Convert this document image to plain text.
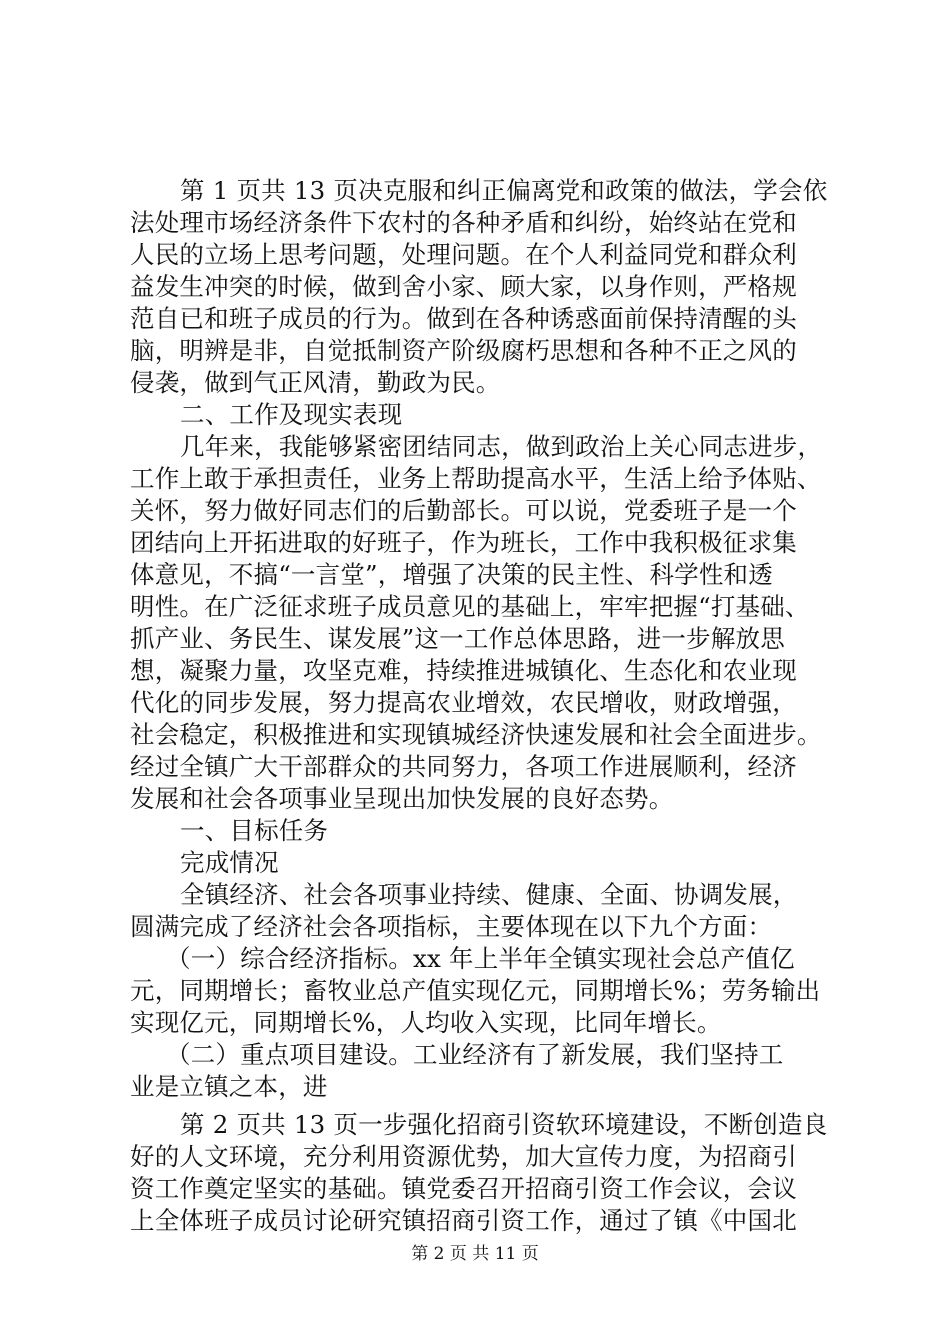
第 1 页共 13 页决克服和纠正偏离党和政策的做法，学会依
法处理市场经济条件下农村的各种矛盾和纠纷，始终站在党和
人民的立场上思考问题，处理问题。在个人利益同党和群众利
益发生冲突的时候，做到舍小家、顾大家，以身作则，严格规
范自已和班子成员的行为。做到在各种诱惑面前保持清醒的头
脑，明辨是非，自觉抵制资产阶级腐朽思想和各种不正之风的
侵袭，做到气正风清，勤政为民。
二、工作及现实表现
几年来，我能够紧密团结同志，做到政治上关心同志进步，
工作上敢于承担责任，业务上帮助提高水平，生活上给予体贴、
关怀，努力做好同志们的后勤部长。可以说，党委班子是一个
团结向上开拓进取的好班子，作为班长，工作中我积极征求集
体意见，不搞“一言堂”，增强了决策的民主性、科学性和透
明性。在广泛征求班子成员意见的基础上，牢牢把握“打基础、
抓产业、务民生、谋发展”这一工作总体思路，进一步解放思
想，凝聚力量，攻坚克难，持续推进城镇化、生态化和农业现
代化的同步发展，努力提高农业增效，农民增收，财政增强，
社会稳定，积极推进和实现镇城经济快速发展和社会全面进步。
经过全镇广大干部群众的共同努力，各项工作进展顺利，经济
发展和社会各项事业呈现出加快发展的良好态势。
一、目标任务
完成情况
全镇经济、社会各项事业持续、健康、全面、协调发展，
圆满完成了经济社会各项指标，主要体现在以下九个方面：
（一）综合经济指标。xx 年上半年全镇实现社会总产值亿
元，同期增长；畜牧业总产值实现亿元，同期增长%；劳务输出
实现亿元，同期增长%，人均收入实现，比同年增长。
（二）重点项目建设。工业经济有了新发展，我们坚持工
业是立镇之本，进
第 2 页共 13 页一步强化招商引资软环境建设，不断创造良
好的人文环境，充分利用资源优势，加大宣传力度，为招商引
资工作奠定坚实的基础。镇党委召开招商引资工作会议，会议
上全体班子成员讨论研究镇招商引资工作，通过了镇《中国北
第 2 页 共 11 页
